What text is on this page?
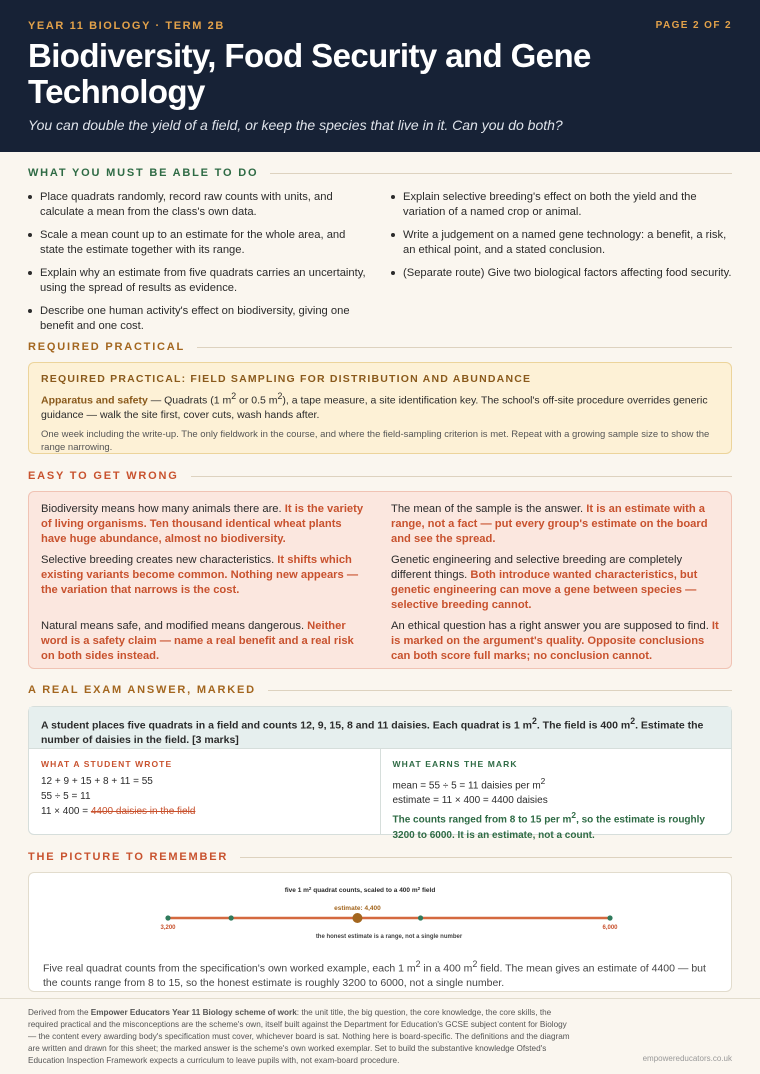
YEAR 11 BIOLOGY · TERM 2B	PAGE 2 OF 2
Biodiversity, Food Security and Gene Technology
You can double the yield of a field, or keep the species that live in it. Can you do both?
WHAT YOU MUST BE ABLE TO DO
Place quadrats randomly, record raw counts with units, and calculate a mean from the class's own data.
Scale a mean count up to an estimate for the whole area, and state the estimate together with its range.
Explain why an estimate from five quadrats carries an uncertainty, using the spread of results as evidence.
Describe one human activity's effect on biodiversity, giving one benefit and one cost.
Explain selective breeding's effect on both the yield and the variation of a named crop or animal.
Write a judgement on a named gene technology: a benefit, a risk, an ethical point, and a stated conclusion.
(Separate route) Give two biological factors affecting food security.
REQUIRED PRACTICAL
REQUIRED PRACTICAL: FIELD SAMPLING FOR DISTRIBUTION AND ABUNDANCE
Apparatus and safety — Quadrats (1 $m^2$ or 0.5 $m^2$), a tape measure, a site identification key. The school's off-site procedure overrides generic guidance — walk the site first, cover cuts, wash hands after.
One week including the write-up. The only fieldwork in the course, and where the field-sampling criterion is met. Repeat with a growing sample size to show the range narrowing.
EASY TO GET WRONG

Biodiversity means how many animals there are. It is the variety of living organisms. Ten thousand identical wheat plants have huge abundance, almost no biodiversity.

The mean of the sample is the answer. It is an estimate with a range, not a fact — put every group's estimate on the board and see the spread.

Selective breeding creates new characteristics. It shifts which existing variants become common. Nothing new appears — the variation that narrows is the cost.

Genetic engineering and selective breeding are completely different things. Both introduce wanted characteristics, but genetic engineering can move a gene between species — selective breeding cannot.

Natural means safe, and modified means dangerous. Neither word is a safety claim — name a real benefit and a real risk on both sides instead.

An ethical question has a right answer you are supposed to find. It is marked on the argument's quality. Opposite conclusions can both score full marks; no conclusion cannot.

A REAL EXAM ANSWER, MARKED
A student places five quadrats in a field and counts 12, 9, 15, 8 and 11 daisies. Each quadrat is 1 $m^2$. The field is 400 $m^2$. Estimate the number of daisies in the field. [3 marks]
WHAT A STUDENT WROTE
12 + 9 + 15 + 8 + 11 = 55
55 ÷ 5 = 11
11 × 400 = 4400 daisies in the field
WHAT EARNS THE MARK
mean = 55 ÷ 5 = 11 daisies per $m^2$
estimate = 11 × 400 = 4400 daisies
The counts ranged from 8 to 15 per $m^2$, so the estimate is roughly 3200 to 6000. It is an estimate, not a count.
THE PICTURE TO REMEMBER
five 1 $m^2$ quadrat counts, scaled to a 400 $m^2$ field
estimate: 4,400
3,200	6,000
the honest estimate is a range, not a single number
Five real quadrat counts from the specification's own worked example, each 1 $m^2$ in a 400 $m^2$ field. The mean gives an estimate of 4400 — but the counts range from 8 to 15, so the honest estimate is roughly 3200 to 6000, not a single number.

Derived from the Empower Educators Year 11 Biology scheme of work: the unit title, the big question, the core knowledge, the core skills, the required practical and the misconceptions are the scheme's own, itself built against the Department for Education's GCSE subject content for Biology — the content every awarding body's specification must cover, whichever board is sat. Nothing here is board-specific. The definitions and the diagram are written and drawn for this sheet; the marked answer is the scheme's own worked exemplar. Set to build the substantive knowledge Ofsted's Education Inspection Framework expects a curriculum to leave pupils with, not exam-board procedure.	empowereducators.co.uk
